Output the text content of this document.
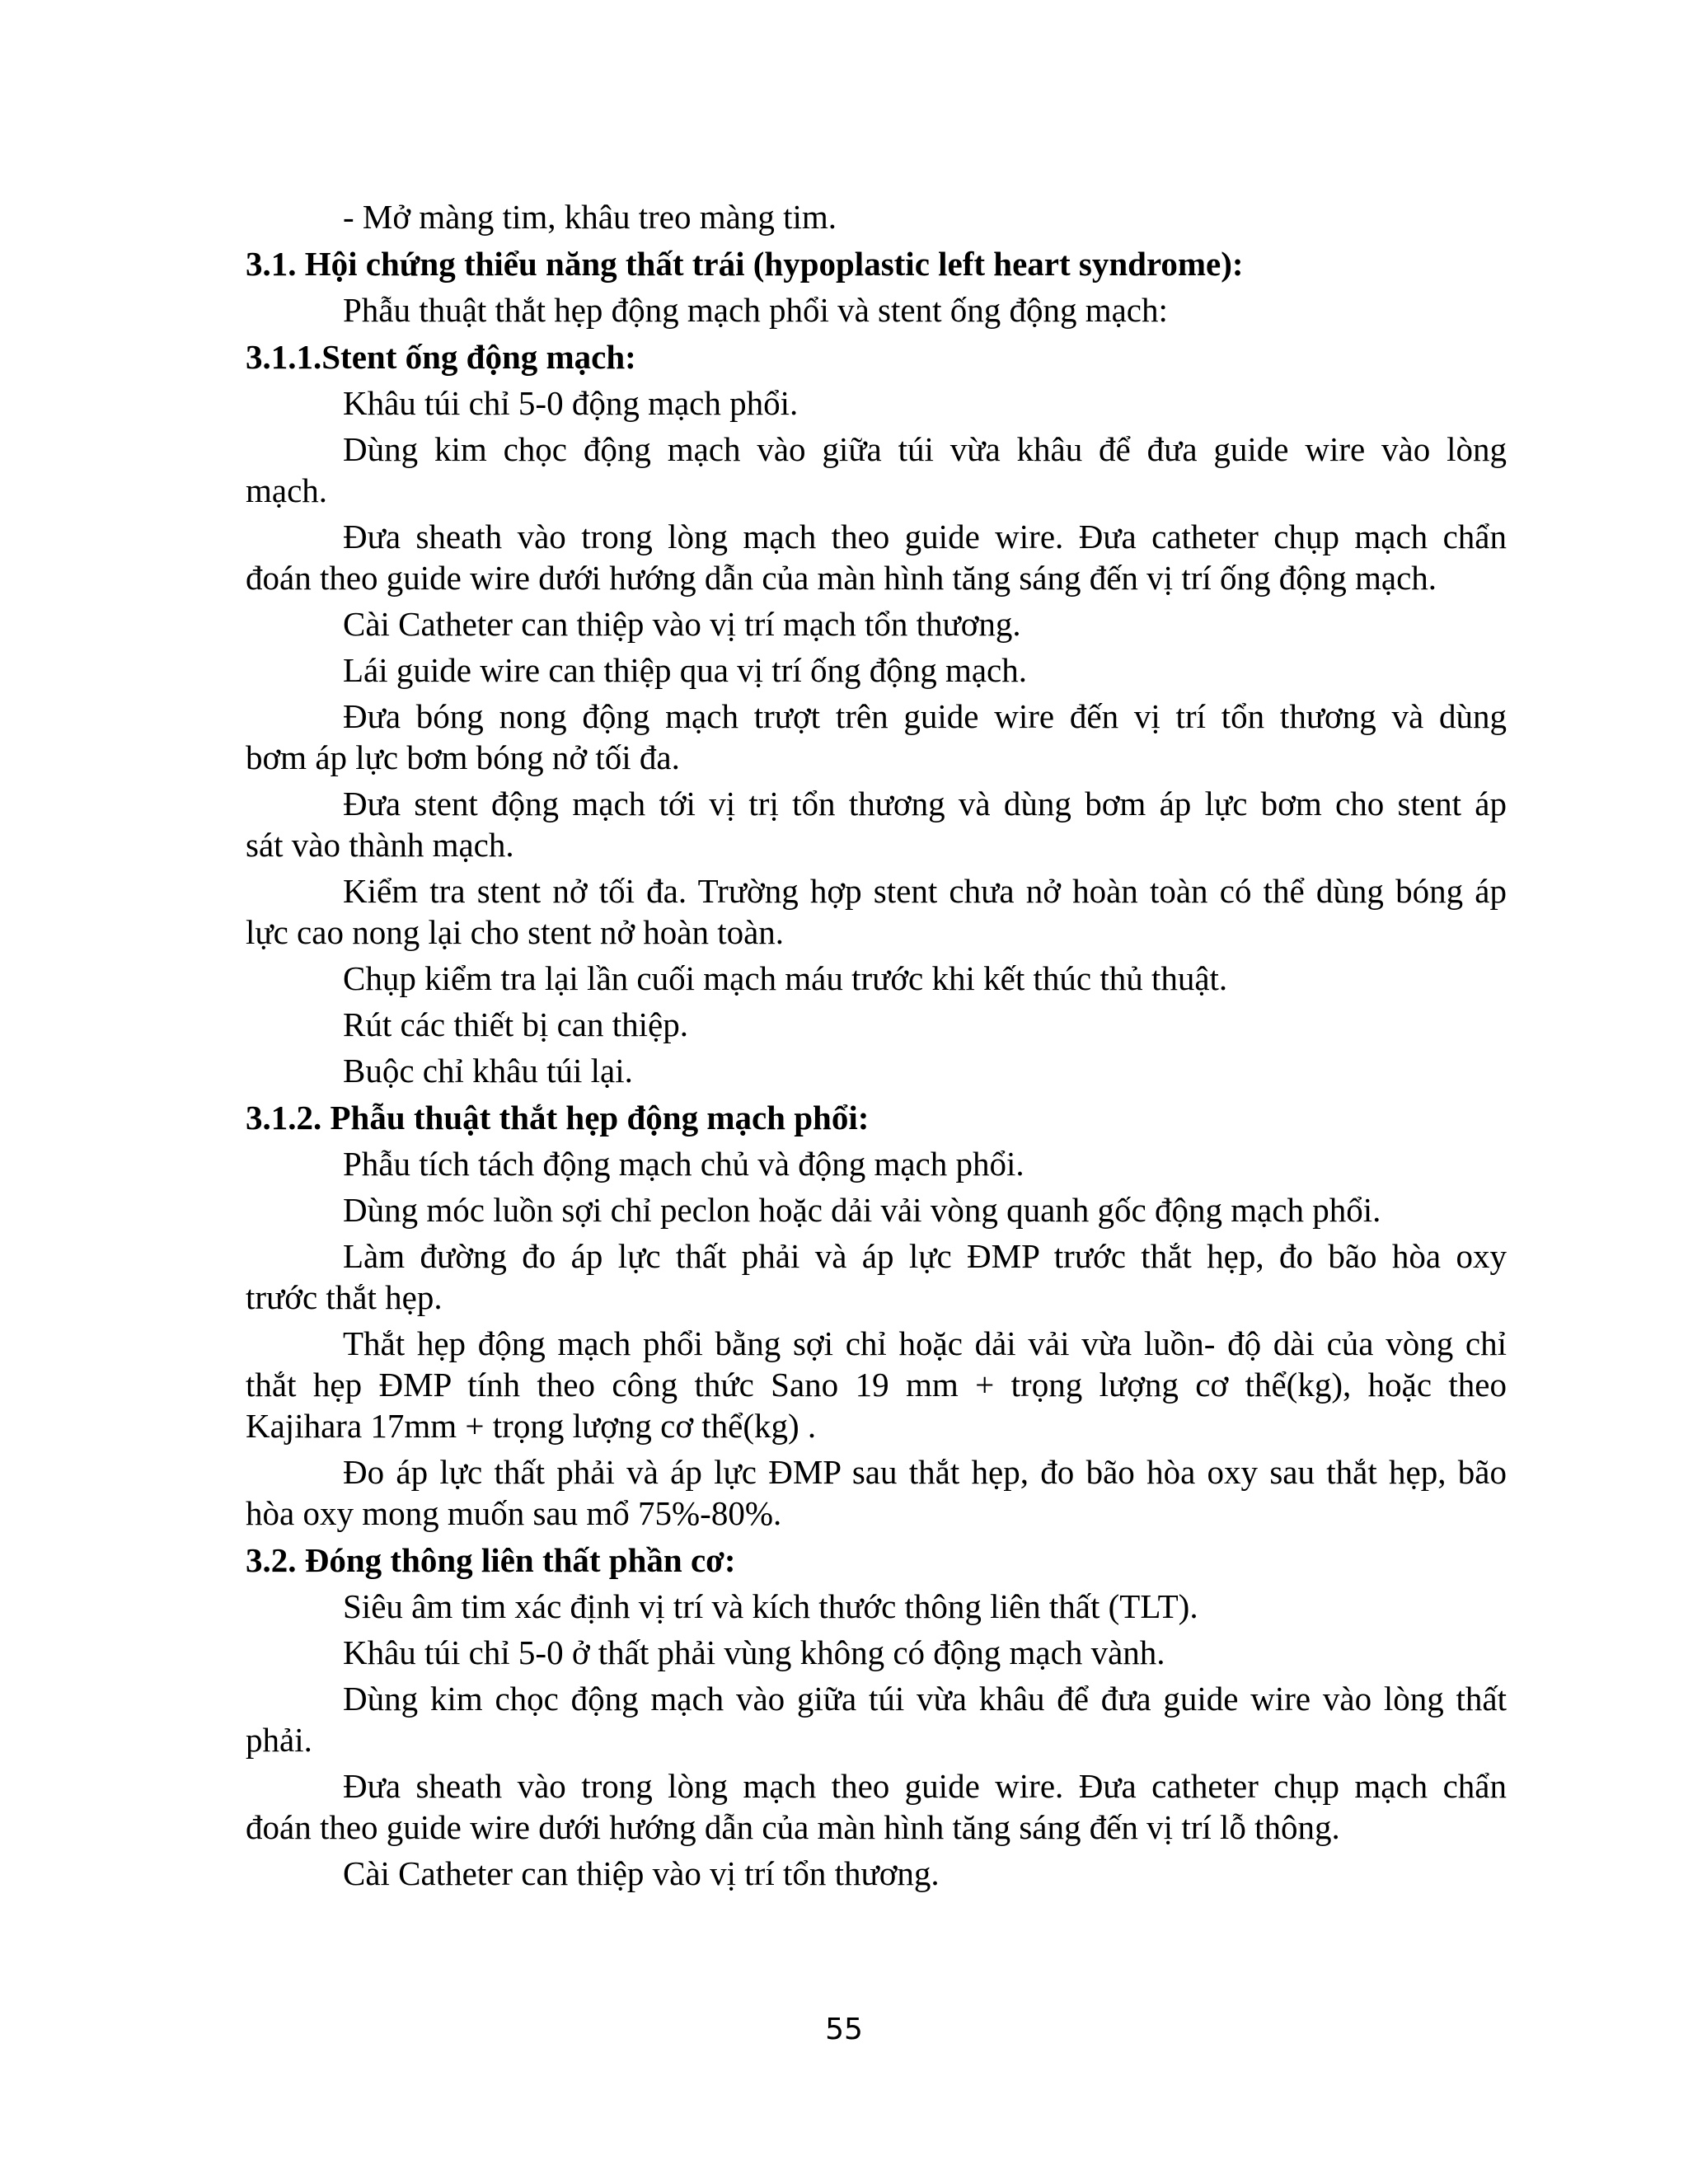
- Mở màng tim, khâu treo màng tim.
3.1. Hội chứng thiểu năng thất trái (hypoplastic left heart syndrome):
Phẫu thuật thắt hẹp động mạch phổi và stent ống động mạch:
3.1.1.Stent ống động mạch:
Khâu túi chỉ 5-0 động mạch phổi.
Dùng kim chọc động mạch vào giữa túi vừa khâu để đưa guide wire vào lòng
mạch.
Đưa sheath vào trong lòng mạch theo guide wire. Đưa catheter chụp mạch chẩn
đoán theo guide wire dưới hướng dẫn của màn hình tăng sáng đến vị trí ống động mạch.
Cài Catheter can thiệp vào vị trí mạch tổn thương.
Lái guide wire can thiệp qua vị trí ống động mạch.
Đưa bóng nong động mạch trượt trên guide wire đến vị trí tổn thương và dùng
bơm áp lực bơm bóng nở tối đa.
Đưa stent động mạch tới vị trị tổn thương và dùng bơm áp lực bơm cho stent áp
sát vào thành mạch.
Kiểm tra stent nở tối đa. Trường hợp stent chưa nở hoàn toàn có thể dùng bóng áp
lực cao nong lại cho stent nở hoàn toàn.
Chụp kiểm tra lại lần cuối mạch máu trước khi kết thúc thủ thuật.
Rút các thiết bị can thiệp.
Buộc chỉ khâu túi lại.
3.1.2. Phẫu thuật thắt hẹp động mạch phổi:
Phẫu tích tách động mạch chủ và động mạch phổi.
Dùng móc luồn sợi chỉ peclon hoặc dải vải vòng quanh gốc động mạch phổi.
Làm đường đo áp lực thất phải và áp lực ĐMP trước thắt hẹp, đo bão hòa oxy
trước thắt hẹp.
Thắt hẹp động mạch phổi bằng sợi chỉ hoặc dải vải vừa luồn- độ dài của vòng chỉ
thắt hẹp ĐMP tính theo công thức Sano 19 mm + trọng lượng cơ thể(kg), hoặc theo
Kajihara 17mm + trọng lượng cơ thể(kg) .
Đo áp lực thất phải và áp lực ĐMP sau thắt hẹp, đo bão hòa oxy sau thắt hẹp, bão
hòa oxy mong muốn sau mổ 75%-80%.
3.2. Đóng thông liên thất phần cơ:
Siêu âm tim xác định vị trí và kích thước thông liên thất (TLT).
Khâu túi chỉ 5-0 ở thất phải vùng không có động mạch vành.
Dùng kim chọc động mạch vào giữa túi vừa khâu để đưa guide wire vào lòng thất
phải.
Đưa sheath vào trong lòng mạch theo guide wire. Đưa catheter chụp mạch chẩn
đoán theo guide wire dưới hướng dẫn của màn hình tăng sáng đến vị trí lỗ thông.
Cài Catheter can thiệp vào vị trí tổn thương.
55
